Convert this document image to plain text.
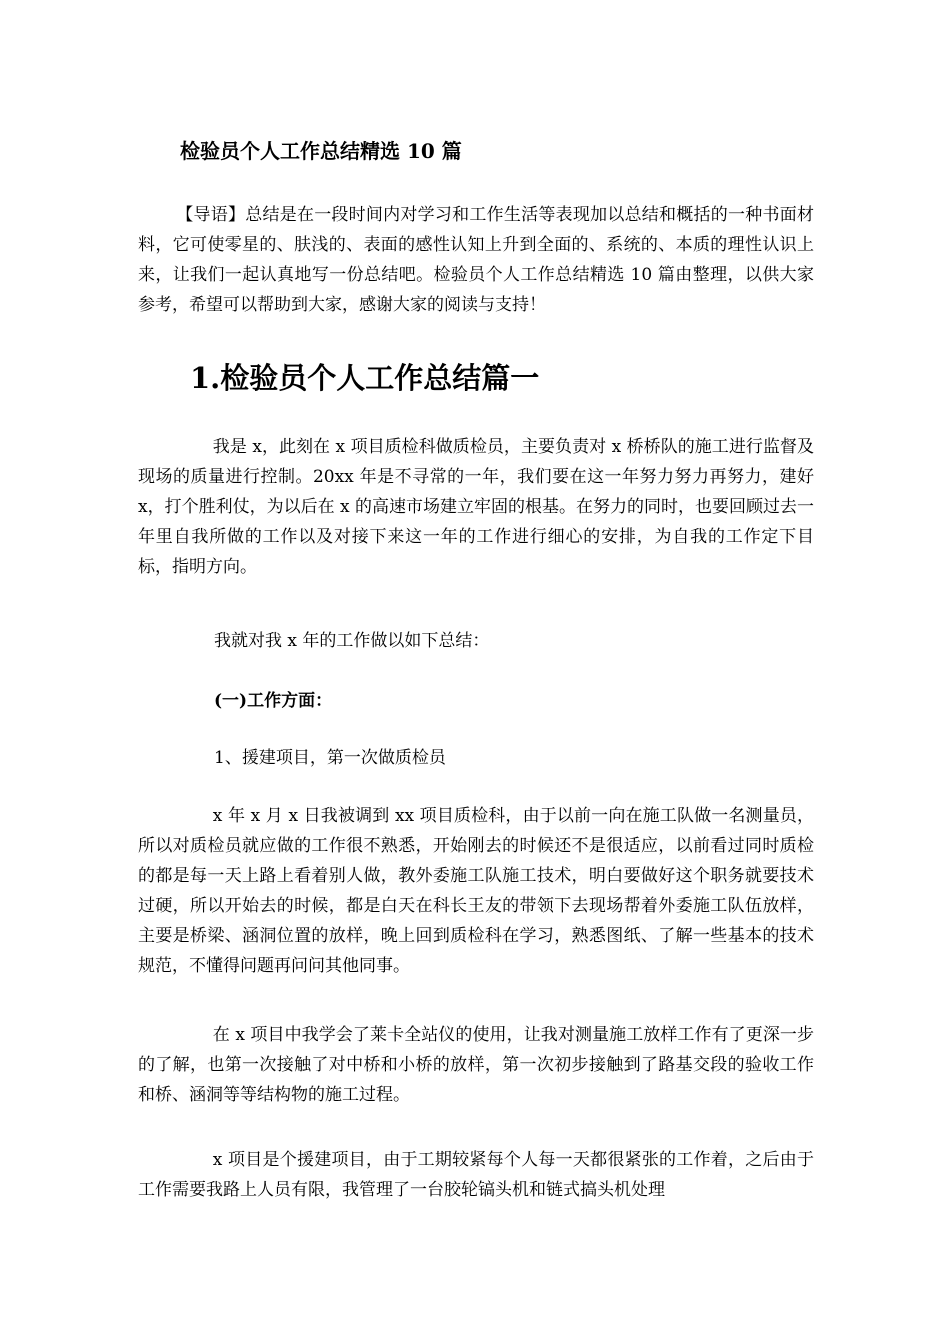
检验员个人工作总结精选 10 篇

【导语】总结是在一段时间内对学习和工作生活等表现加以总结和概括的一种书面材料，它可使零星的、肤浅的、表面的感性认知上升到全面的、系统的、本质的理性认识上来，让我们一起认真地写一份总结吧。检验员个人工作总结精选 10 篇由整理，以供大家参考，希望可以帮助到大家，感谢大家的阅读与支持！

1.检验员个人工作总结篇一

我是 x，此刻在 x 项目质检科做质检员，主要负责对 x 桥桥队的施工进行监督及现场的质量进行控制。20xx 年是不寻常的一年，我们要在这一年努力努力再努力，建好 x，打个胜利仗，为以后在 x 的高速市场建立牢固的根基。在努力的同时，也要回顾过去一年里自我所做的工作以及对接下来这一年的工作进行细心的安排，为自我的工作定下目标，指明方向。

我就对我 x 年的工作做以如下总结：
(一)工作方面：
1、援建项目，第一次做质检员

x 年 x 月 x 日我被调到 xx 项目质检科，由于以前一向在施工队做一名测量员，所以对质检员就应做的工作很不熟悉，开始刚去的时候还不是很适应，以前看过同时质检的都是每一天上路上看着别人做，教外委施工队施工技术，明白要做好这个职务就要技术过硬，所以开始去的时候，都是白天在科长王友的带领下去现场帮着外委施工队伍放样，主要是桥梁、涵洞位置的放样，晚上回到质检科在学习，熟悉图纸、了解一些基本的技术规范，不懂得问题再问问其他同事。

在 x 项目中我学会了莱卡全站仪的使用，让我对测量施工放样工作有了更深一步的了解，也第一次接触了对中桥和小桥的放样，第一次初步接触到了路基交段的验收工作和桥、涵洞等等结构物的施工过程。

x 项目是个援建项目，由于工期较紧每个人每一天都很紧张的工作着，之后由于工作需要我路上人员有限，我管理了一台胶轮镐头机和链式搞头机处理
